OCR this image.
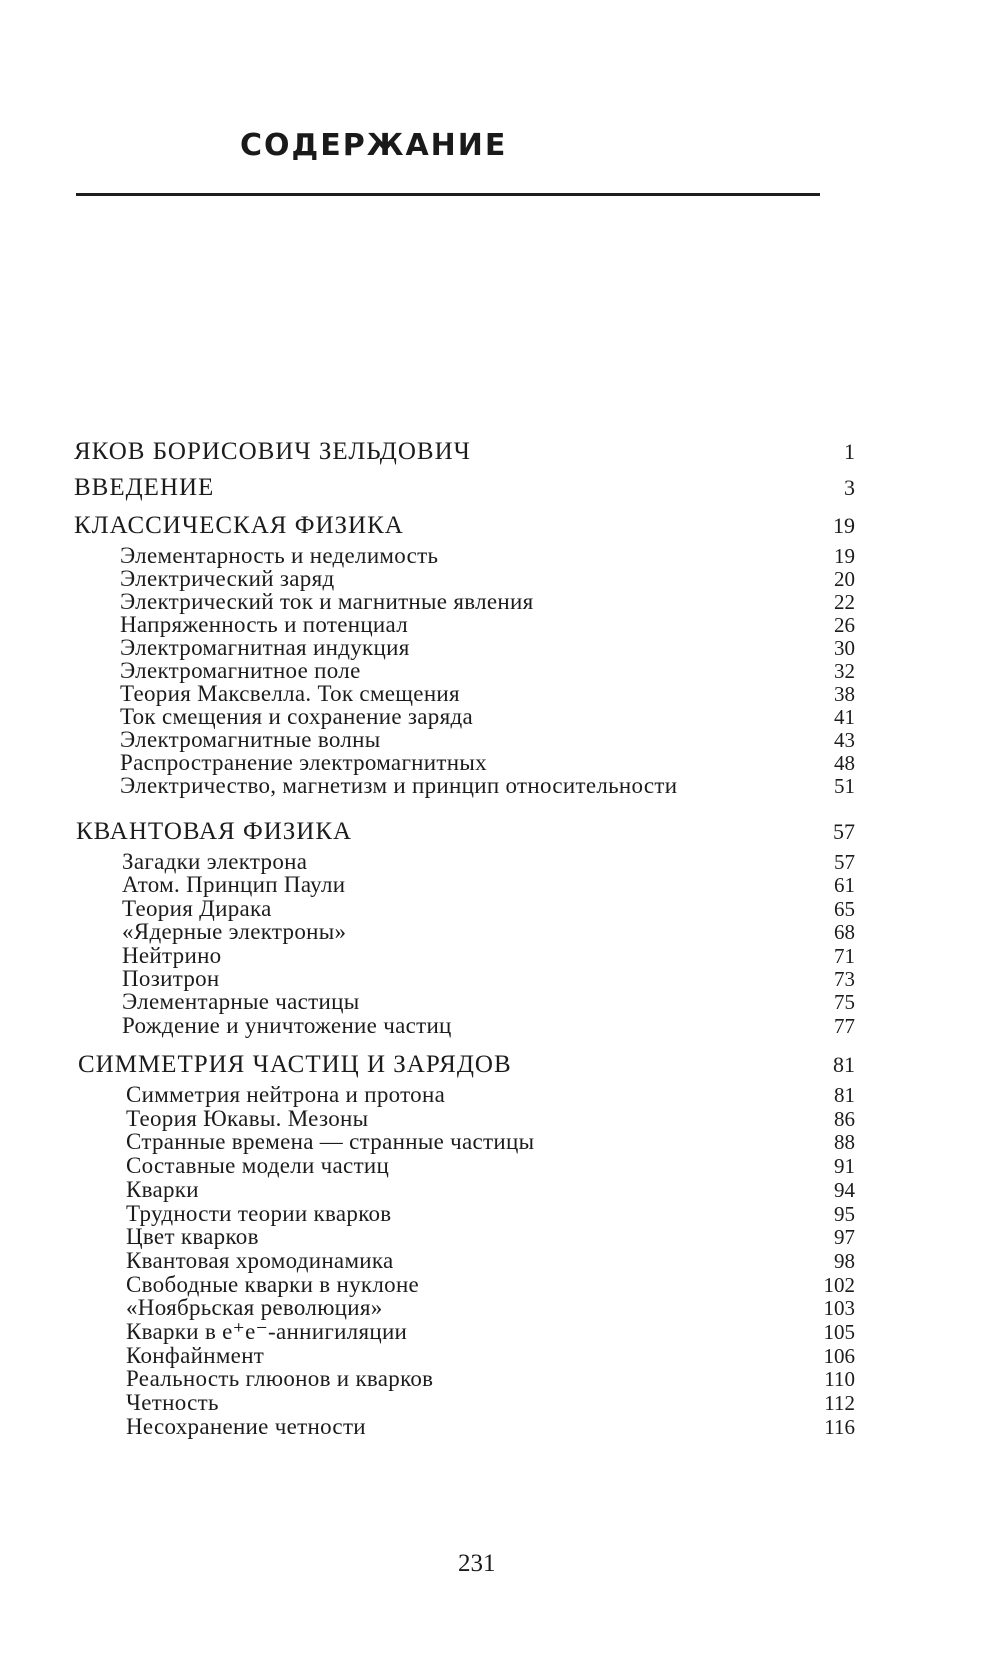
СОДЕРЖАНИЕ
ЯКОВ БОРИСОВИЧ ЗЕЛЬДОВИЧ	1
ВВЕДЕНИЕ	3
КЛАССИЧЕСКАЯ ФИЗИКА	19
Элементарность и неделимость	19
Электрический заряд	20
Электрический ток и магнитные явления	22
Напряженность и потенциал	26
Электромагнитная индукция	30
Электромагнитное поле	32
Теория Максвелла. Ток смещения	38
Ток смещения и сохранение заряда	41
Электромагнитные волны	43
Распространение электромагнитных	48
Электричество, магнетизм и принцип относительности	51
КВАНТОВАЯ ФИЗИКА	57
Загадки электрона	57
Атом. Принцип Паули	61
Теория Дирака	65
«Ядерные электроны»	68
Нейтрино	71
Позитрон	73
Элементарные частицы	75
Рождение и уничтожение частиц	77
СИММЕТРИЯ ЧАСТИЦ И ЗАРЯДОВ	81
Симметрия нейтрона и протона	81
Теория Юкавы. Мезоны	86
Странные времена — странные частицы	88
Составные модели частиц	91
Кварки	94
Трудности теории кварков	95
Цвет кварков	97
Квантовая хромодинамика	98
Свободные кварки в нуклоне	102
«Ноябрьская революция»	103
Кварки в e⁺e⁻-аннигиляции	105
Конфайнмент	106
Реальность глюонов и кварков	110
Четность	112
Несохранение четности	116
231
